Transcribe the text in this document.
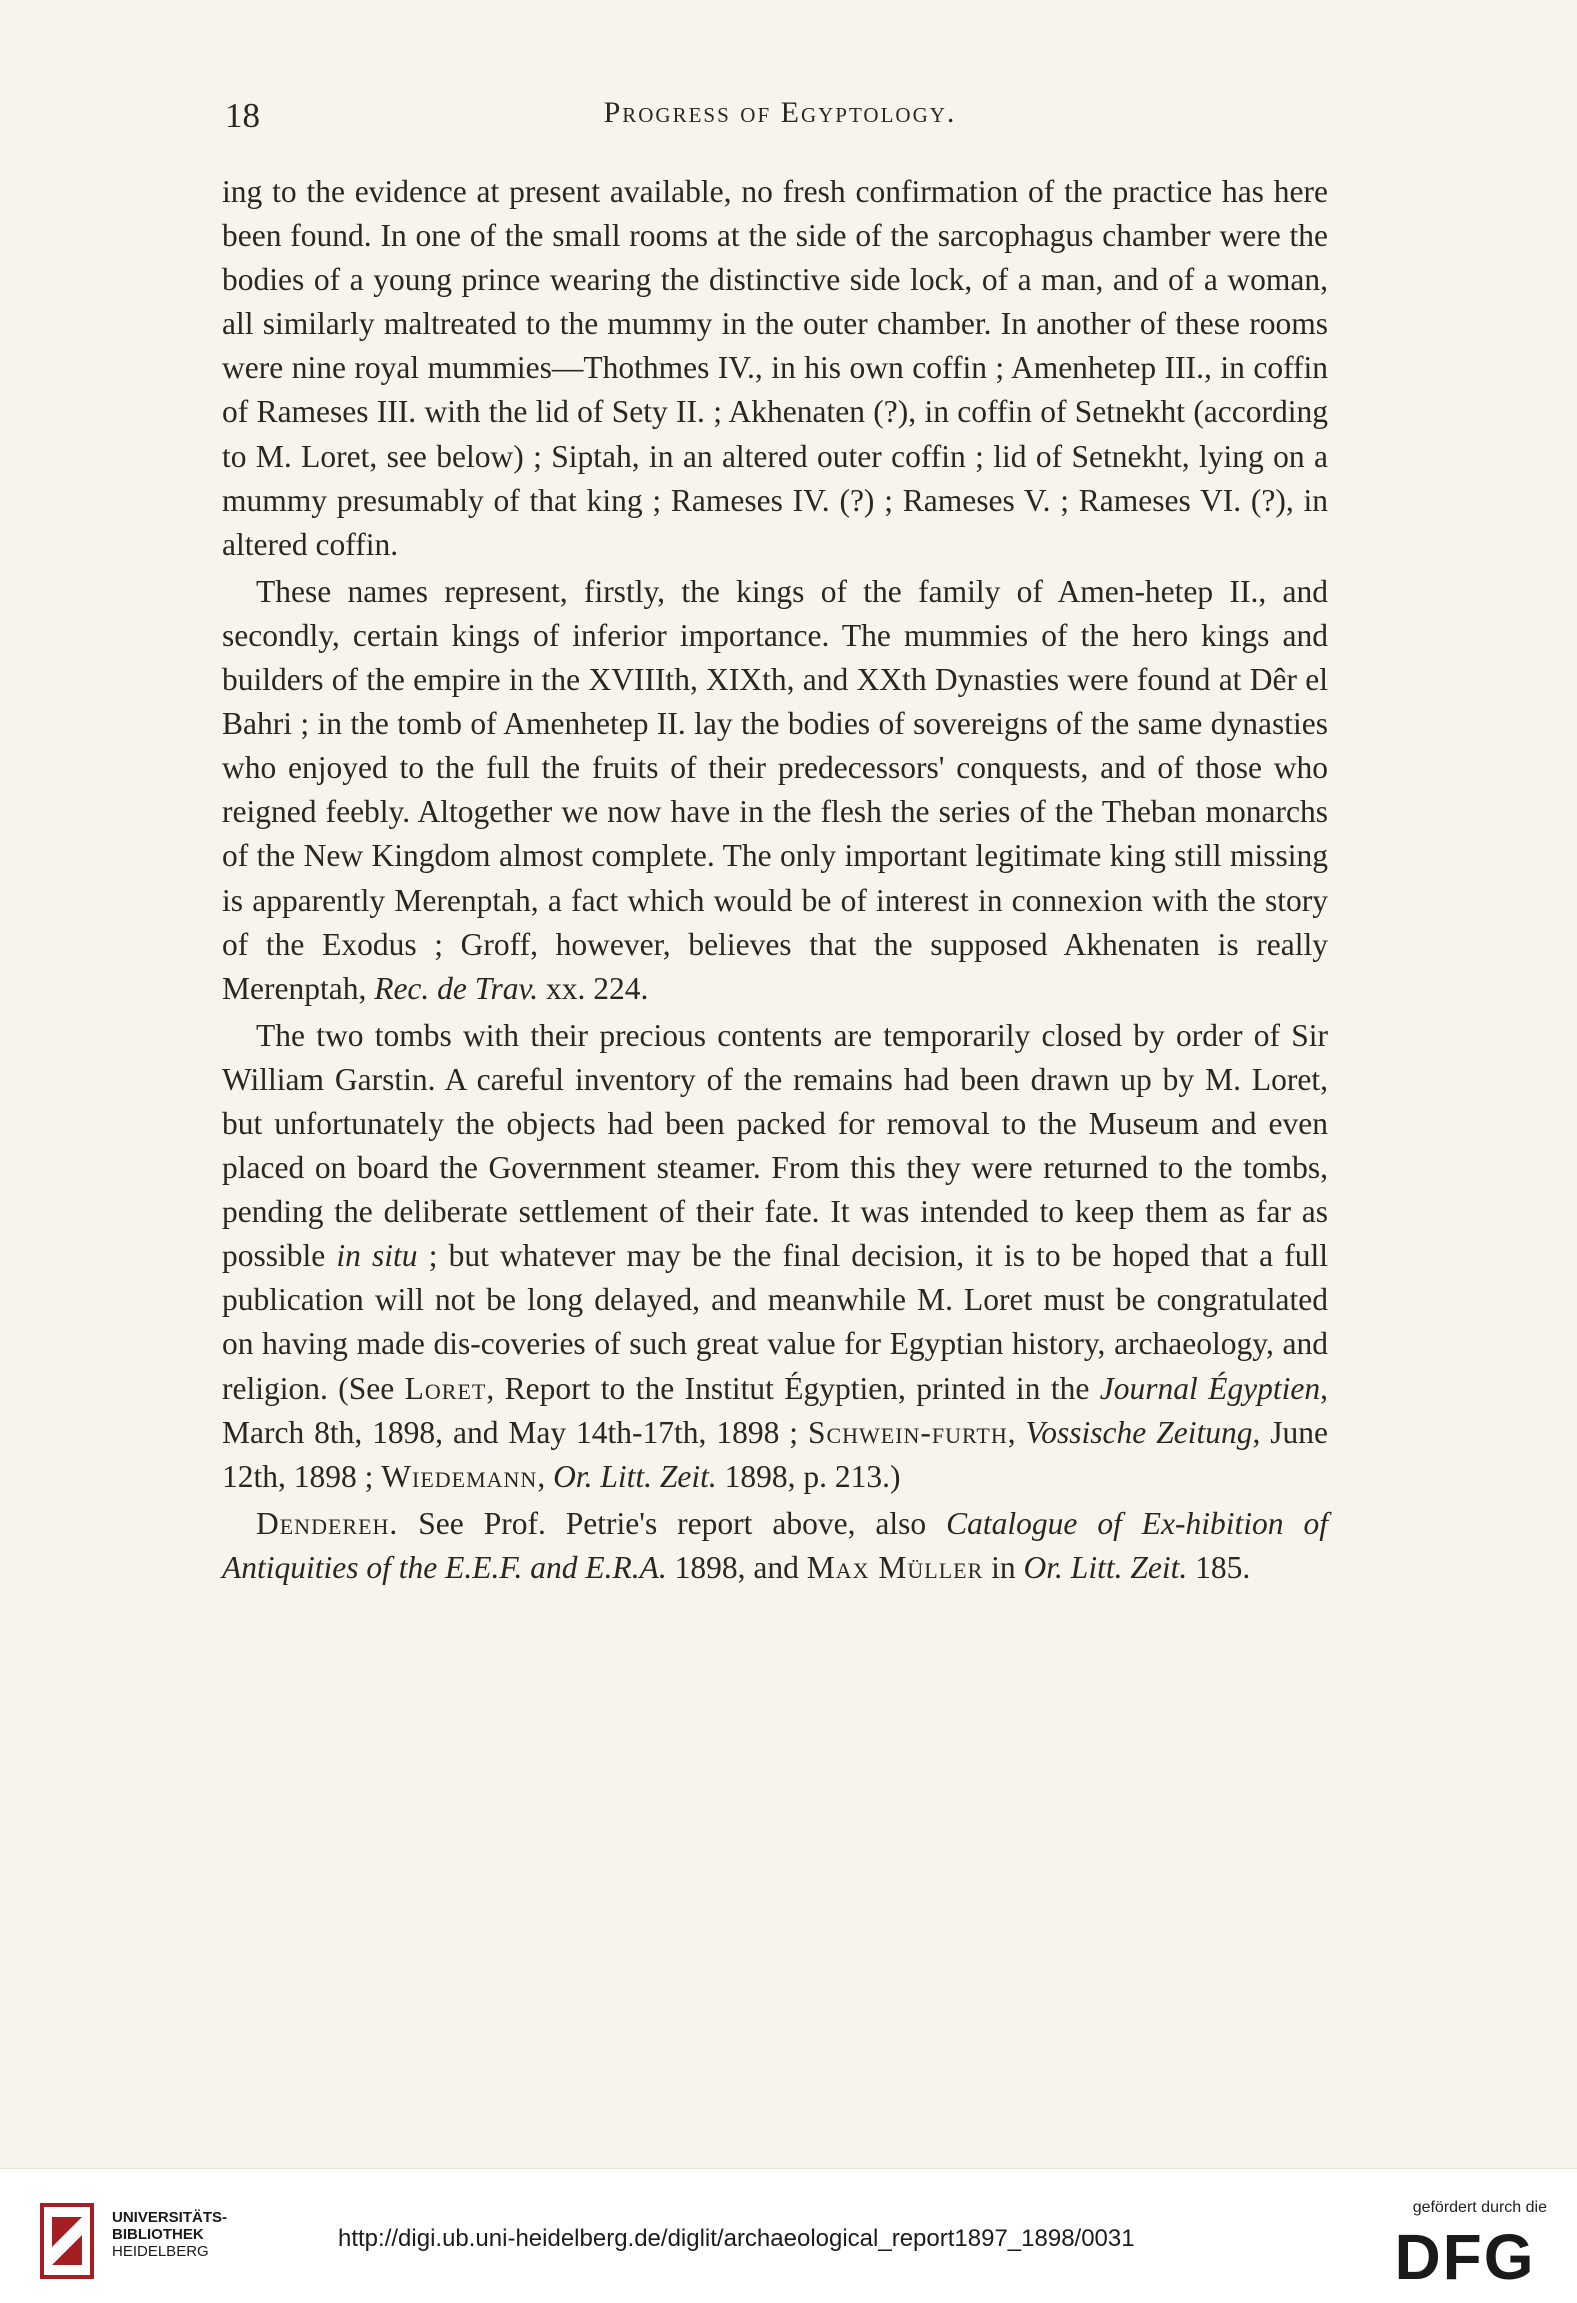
18	Progress of Egyptology.

ing to the evidence at present available, no fresh confirmation of the practice has here been found. In one of the small rooms at the side of the sarcophagus chamber were the bodies of a young prince wearing the distinctive side lock, of a man, and of a woman, all similarly maltreated to the mummy in the outer chamber. In another of these rooms were nine royal mummies—Thothmes IV., in his own coffin ; Amenhetep III., in coffin of Rameses III. with the lid of Sety II. ; Akhenaten (?), in coffin of Setnekht (according to M. Loret, see below) ; Siptah, in an altered outer coffin ; lid of Setnekht, lying on a mummy presumably of that king ; Rameses IV. (?) ; Rameses V. ; Rameses VI. (?), in altered coffin.

These names represent, firstly, the kings of the family of Amen-hetep II., and secondly, certain kings of inferior importance. The mummies of the hero kings and builders of the empire in the XVIIIth, XIXth, and XXth Dynasties were found at Dêr el Bahri ; in the tomb of Amenhetep II. lay the bodies of sovereigns of the same dynasties who enjoyed to the full the fruits of their predecessors' conquests, and of those who reigned feebly. Altogether we now have in the flesh the series of the Theban monarchs of the New Kingdom almost complete. The only important legitimate king still missing is apparently Merenptah, a fact which would be of interest in connexion with the story of the Exodus ; Groff, however, believes that the supposed Akhenaten is really Merenptah, Rec. de Trav. xx. 224.

The two tombs with their precious contents are temporarily closed by order of Sir William Garstin. A careful inventory of the remains had been drawn up by M. Loret, but unfortunately the objects had been packed for removal to the Museum and even placed on board the Government steamer. From this they were returned to the tombs, pending the deliberate settlement of their fate. It was intended to keep them as far as possible in situ ; but whatever may be the final decision, it is to be hoped that a full publication will not be long delayed, and meanwhile M. Loret must be congratulated on having made dis-coveries of such great value for Egyptian history, archaeology, and religion. (See Loret, Report to the Institut Égyptien, printed in the Journal Égyptien, March 8th, 1898, and May 14th-17th, 1898 ; Schwein-furth, Vossische Zeitung, June 12th, 1898 ; Wiedemann, Or. Litt. Zeit. 1898, p. 213.)

Dendereh. See Prof. Petrie's report above, also Catalogue of Ex-hibition of Antiquities of the E.E.F. and E.R.A. 1898, and Max Müller in Or. Litt. Zeit. 185.

UNIVERSITÄTS-
BIBLIOTHEK
HEIDELBERG	http://digi.ub.uni-heidelberg.de/diglit/archaeological_report1897_1898/0031
gefördert durch die
DFG
